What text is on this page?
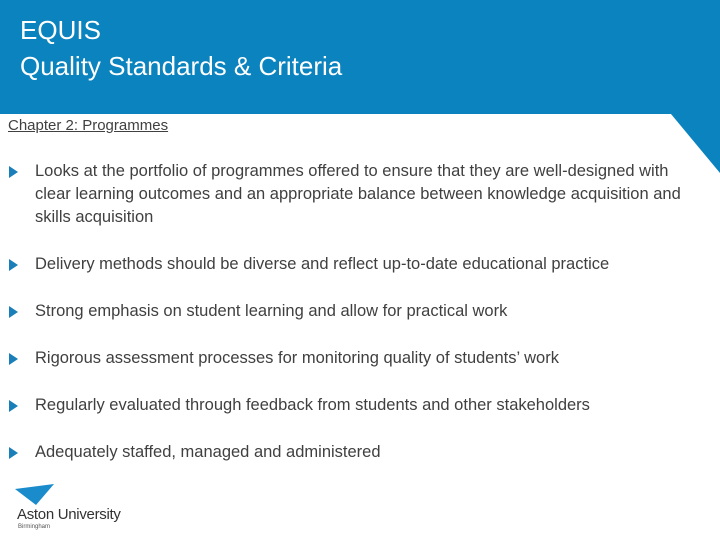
EQUIS
Quality Standards & Criteria
Chapter 2: Programmes
Looks at the portfolio of programmes offered to ensure that they are well-designed with clear learning outcomes and an appropriate balance between knowledge acquisition and skills acquisition
Delivery methods should be diverse and reflect up-to-date educational practice
Strong emphasis on student learning and allow for practical work
Rigorous assessment processes for monitoring quality of students’ work
Regularly evaluated through feedback from students and other stakeholders
Adequately staffed, managed and administered
Aston University
Birmingham
